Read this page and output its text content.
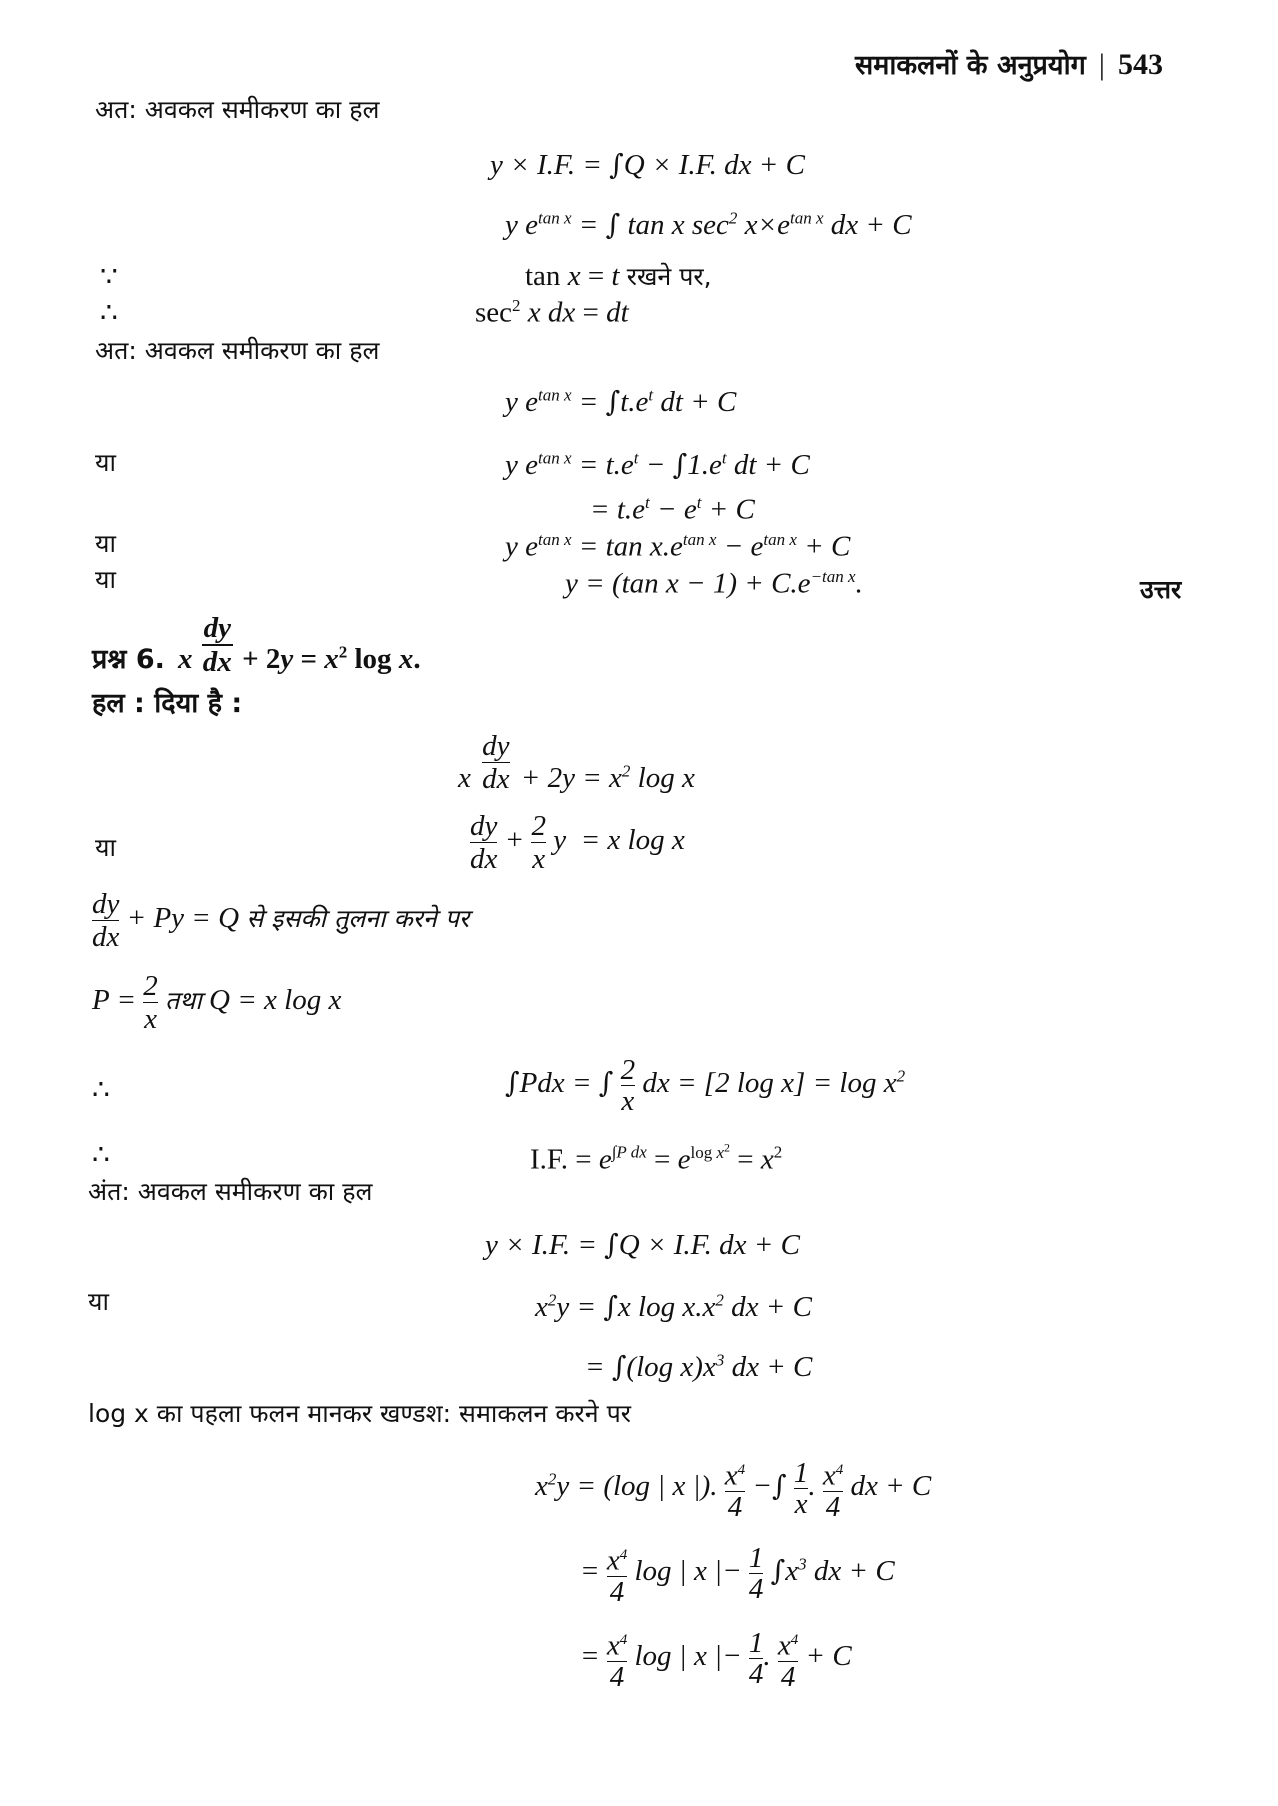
समाकलनों के अनुप्रयोग | 543
अत: अवकल समीकरण का हल
y × I.F. = ∫Q × I.F. dx + C
y $e^{tan x}$ = ∫ tan x $\sec^2 x\times e^{tan x}$ dx + C
∵	tan x = t रखने पर,
∴	$\sec^2 x$ dx = dt
अत: अवकल समीकरण का हल
y $e^{tan x} = \int t.e^t$ dt + C
या	y $e^{tan x} = t.e^t - \int 1.e^t$ dt + C
= $t.e^t - e^t + C$
या	y $e^{tan x} = \tan x.e^{tan x} - e^{tan x} + C$
या	y = (tan $x - 1) + C.e^{-tan x}$.	उत्तर
प्रश्न 6. x $\frac{dy}{dx} + 2y = x^2$ log x.
हल : दिया है :
x $\frac{dy}{dx} + 2y = x^2$ log x
या	$\frac{dy}{dx} + \frac{2}{x}$ y  = x log x
$\frac{dy}{dx} + Py = Q$ से इसकी तुलना करने पर
$P = \frac{2}{x}$ तथा Q = x log x
∴	∫Pdx = ∫ $\frac{2}{x}$ dx = [2 $\log x] = \log x^2$
∴	I.F. = $e^{\int P dx} = e^{log x^2} = x^2$
अंत: अवकल समीकरण का हल
y × I.F. = ∫Q × I.F. dx + C
या	$x^2y = \int x$ $\log x.x^2$ dx + C
= ∫(log $x)x^3$ dx + C
log x का पहला फलन मानकर खण्डश: समाकलन करने पर
$x^2y = (\log$ | x |). $\frac{x^4}{4}$ −∫ $\frac{1}{x}$ . $\frac{x^4}{4}$ dx + C
= $\frac{x^4}{4}$ log | x |− $\frac{1}{4} \int x^3$ dx + C
= $\frac{x^4}{4}$ log | x |− $\frac{1}{4}$ . $\frac{x^4}{4} + C$
